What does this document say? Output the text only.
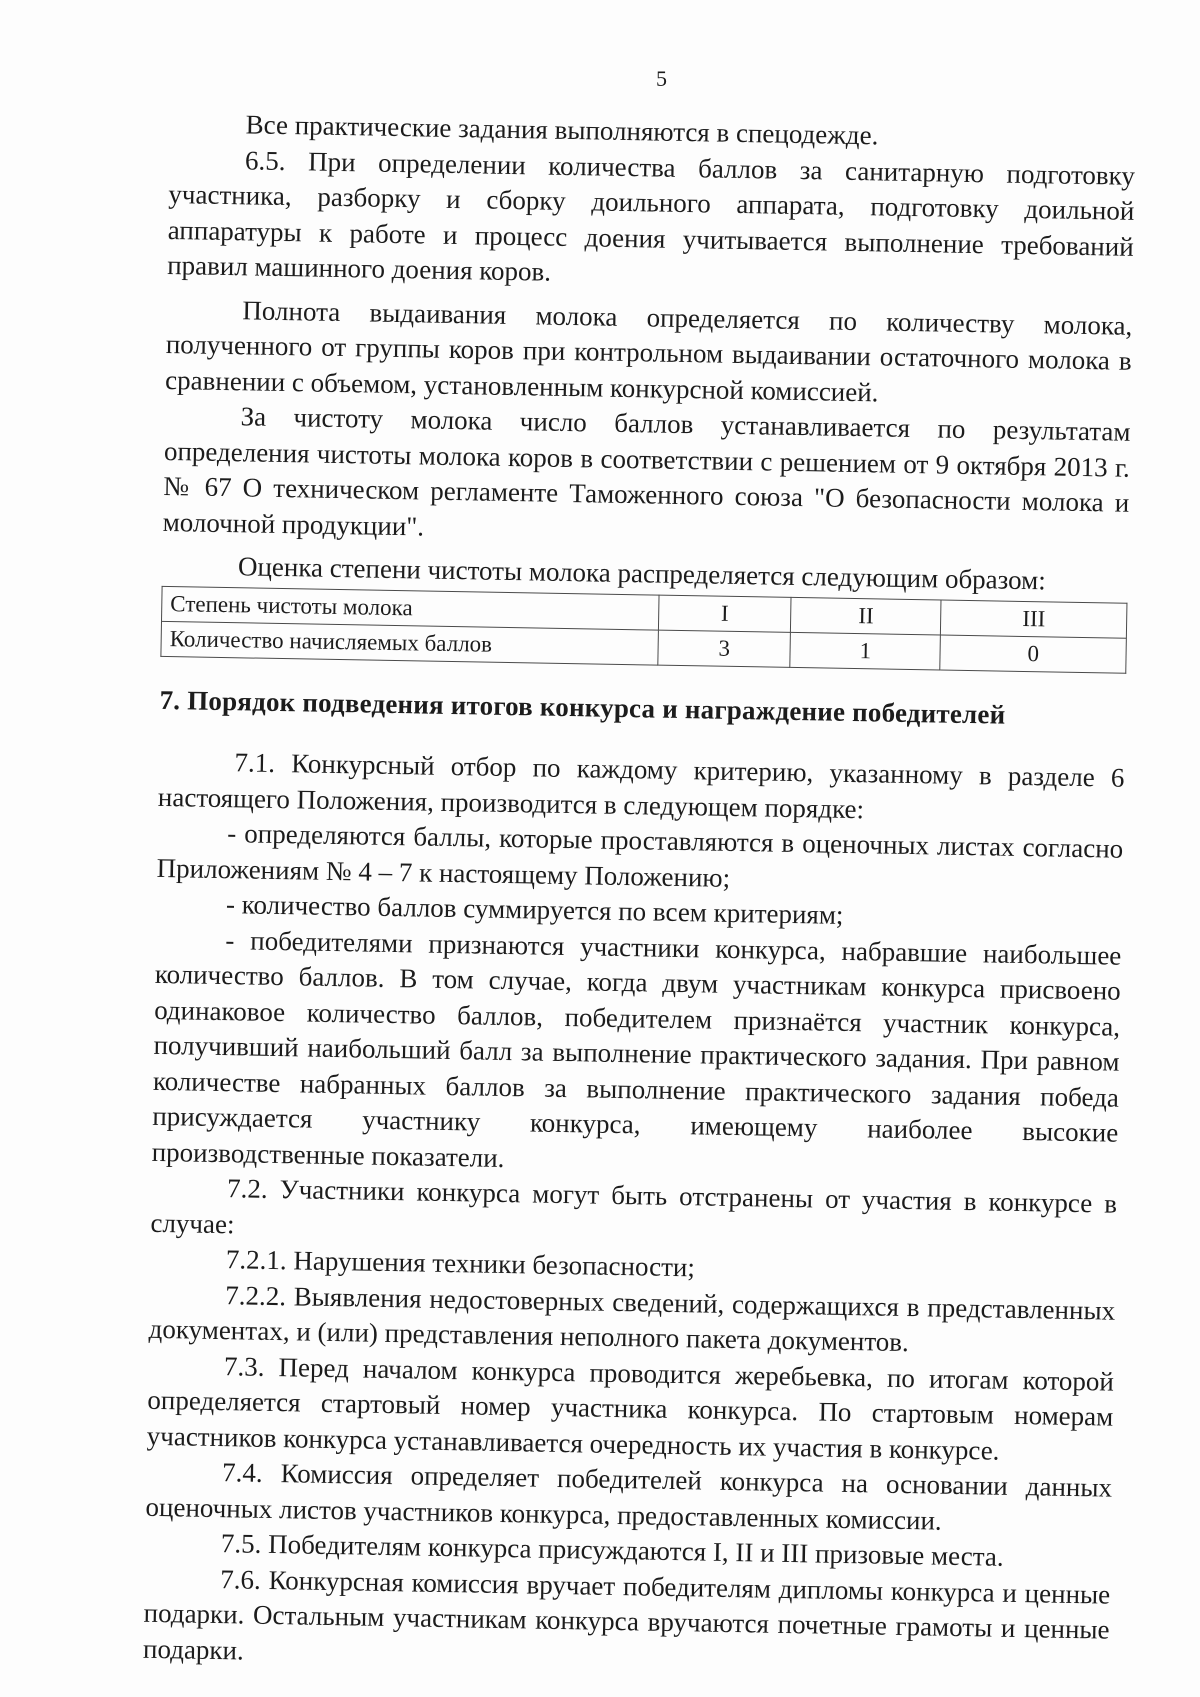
5

Все практические задания выполняются в спецодежде.

6.5. При определении количества баллов за санитарную подготовку участника, разборку и сборку доильного аппарата, подготовку доильной аппаратуры к работе и процесс доения учитывается выполнение требований правил машинного доения коров.

Полнота выдаивания молока определяется по количеству молока, полученного от группы коров при контрольном выдаивании остаточного молока в сравнении с объемом, установленным конкурсной комиссией.

За чистоту молока число баллов устанавливается по результатам определения чистоты молока коров в соответствии с решением от 9 октября 2013 г. № 67 О техническом регламенте Таможенного союза "О безопасности молока и молочной продукции".

Оценка степени чистоты молока распределяется следующим образом:

Степень чистоты молока	I	II	III
Количество начисляемых баллов	3	1	0

7. Порядок подведения итогов конкурса и награждение победителей

7.1. Конкурсный отбор по каждому критерию, указанному в разделе 6 настоящего Положения, производится в следующем порядке:

- определяются баллы, которые проставляются в оценочных листах согласно Приложениям № 4 – 7 к настоящему Положению;

- количество баллов суммируется по всем критериям;

- победителями признаются участники конкурса, набравшие наибольшее количество баллов. В том случае, когда двум участникам конкурса присвоено одинаковое количество баллов, победителем признаётся участник конкурса, получивший наибольший балл за выполнение практического задания. При равном количестве набранных баллов за выполнение практического задания победа присуждается участнику конкурса, имеющему наиболее высокие производственные показатели.

7.2. Участники конкурса могут быть отстранены от участия в конкурсе в случае:

7.2.1. Нарушения техники безопасности;

7.2.2. Выявления недостоверных сведений, содержащихся в представленных документах, и (или) представления неполного пакета документов.

7.3. Перед началом конкурса проводится жеребьевка, по итогам которой определяется стартовый номер участника конкурса. По стартовым номерам участников конкурса устанавливается очередность их участия в конкурсе.

7.4. Комиссия определяет победителей конкурса на основании данных оценочных листов участников конкурса, предоставленных комиссии.

7.5. Победителям конкурса присуждаются I, II и III призовые места.

7.6. Конкурсная комиссия вручает победителям дипломы конкурса и ценные подарки. Остальным участникам конкурса вручаются почетные грамоты и ценные подарки.
